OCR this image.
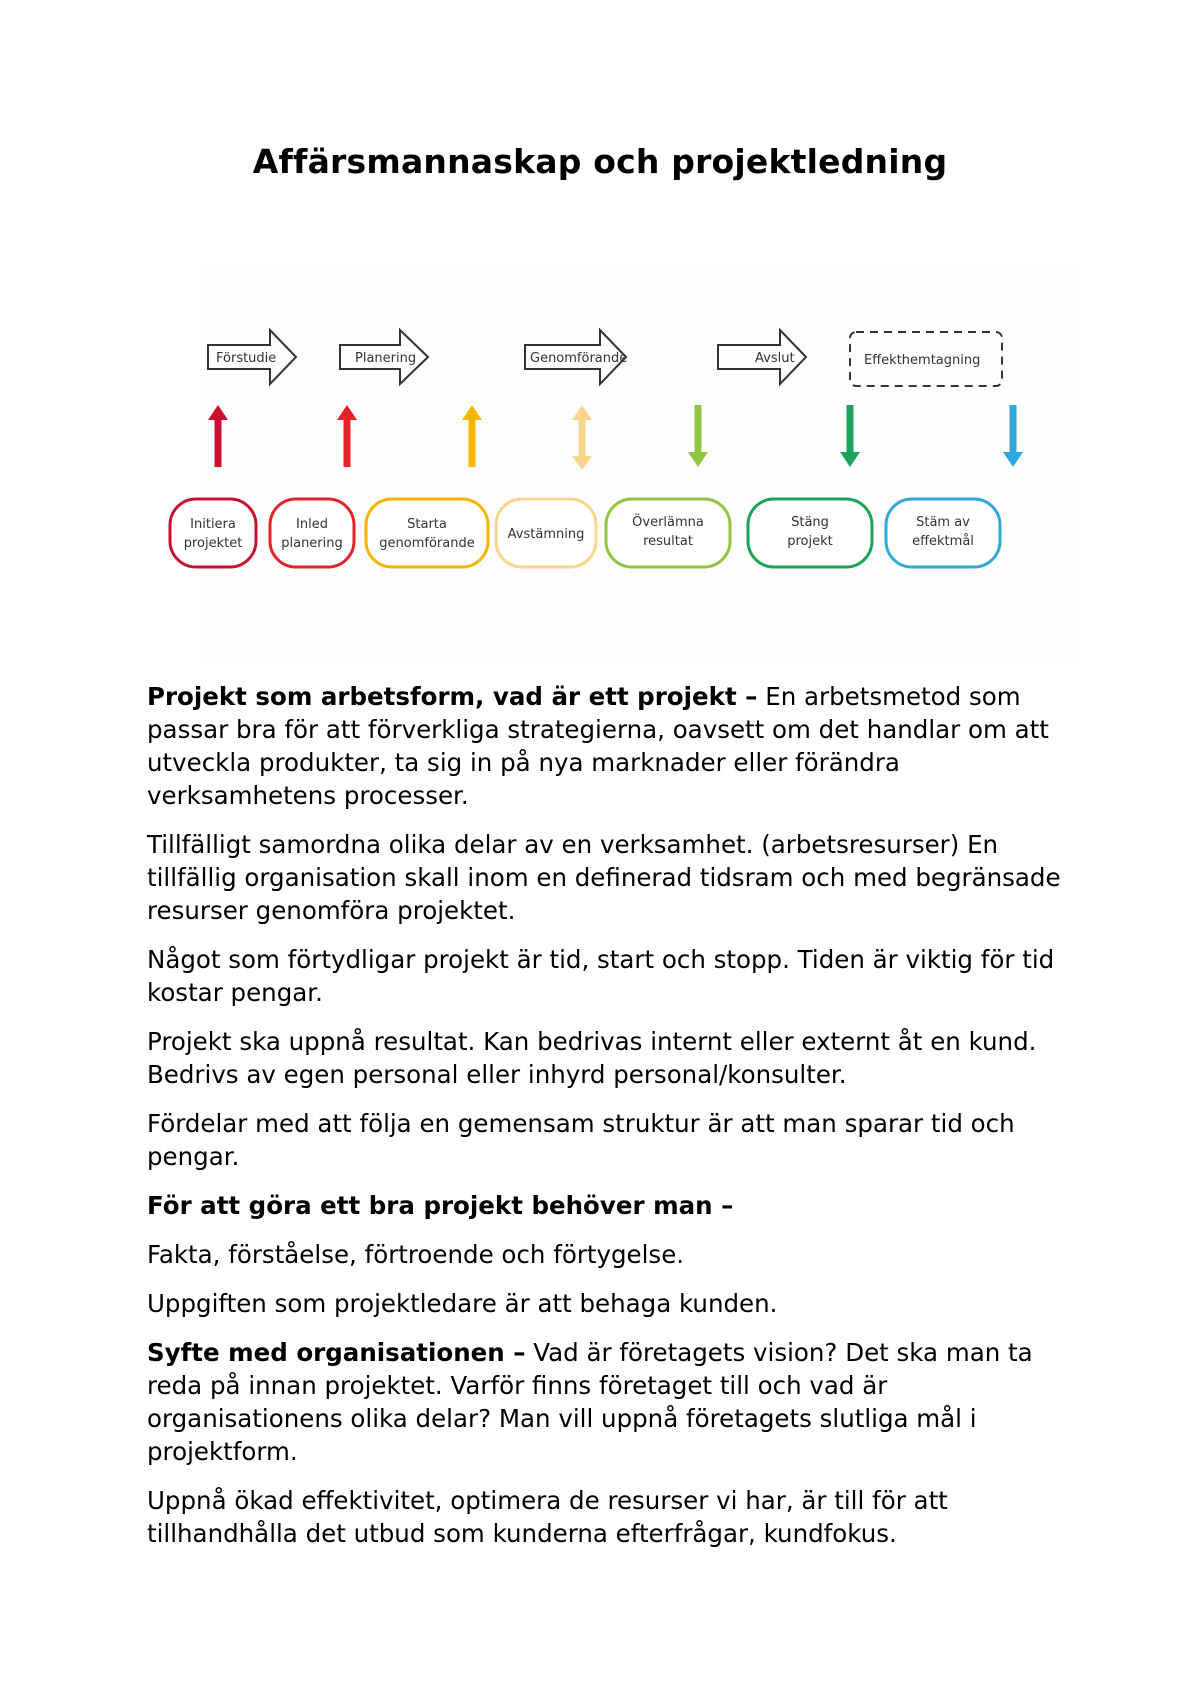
Affärsmannaskap och projektledning
Förstudie	Planering	Genomförande	Avslut	Effekthemtagning
Initiera
projektet
Inled
planering
Starta
genomförande
Avstämning
Överlämna
resultat
Stäng
projekt
Stäm av
effektmål

Projekt som arbetsform, vad är ett projekt – En arbetsmetod som passar bra för att förverkliga strategierna, oavsett om det handlar om att utveckla produkter, ta sig in på nya marknader eller förändra verksamhetens processer.

Tillfälligt samordna olika delar av en verksamhet. (arbetsresurser) En tillfällig organisation skall inom en definerad tidsram och med begränsade resurser genomföra projektet.

Något som förtydligar projekt är tid, start och stopp. Tiden är viktig för tid kostar pengar.

Projekt ska uppnå resultat. Kan bedrivas internt eller externt åt en kund. Bedrivs av egen personal eller inhyrd personal/konsulter.

Fördelar med att följa en gemensam struktur är att man sparar tid och pengar.

För att göra ett bra projekt behöver man –

Fakta, förståelse, förtroende och förtygelse.

Uppgiften som projektledare är att behaga kunden.

Syfte med organisationen – Vad är företagets vision? Det ska man ta reda på innan projektet. Varför finns företaget till och vad är organisationens olika delar? Man vill uppnå företagets slutliga mål i projektform.

Uppnå ökad effektivitet, optimera de resurser vi har, är till för att tillhandhålla det utbud som kunderna efterfrågar, kundfokus.
